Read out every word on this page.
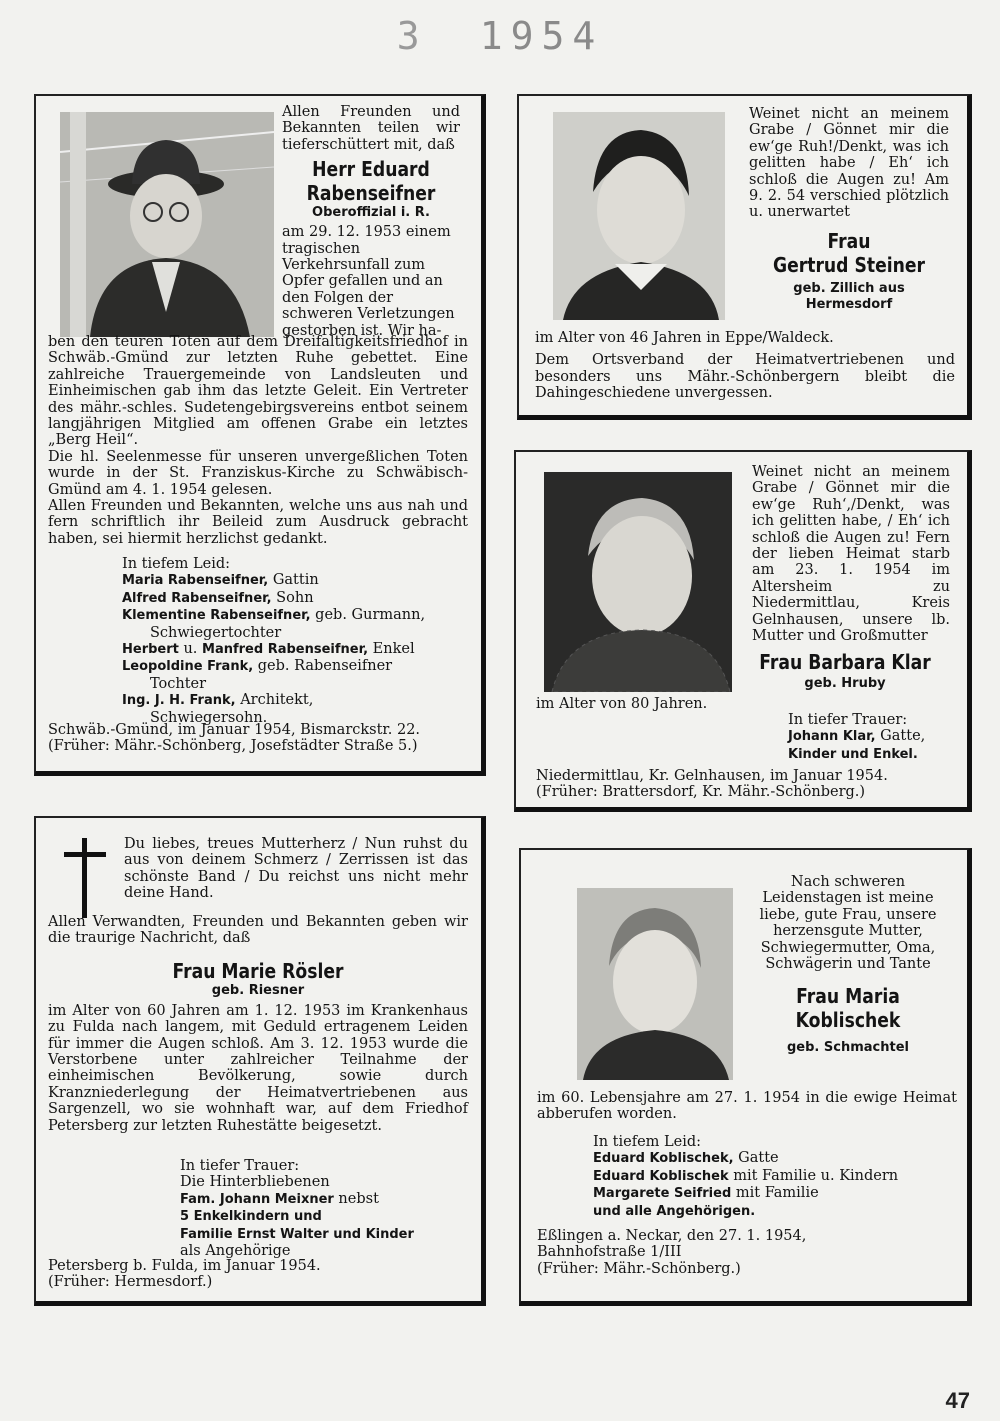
3 1954

Allen Freunden und Bekannten teilen wir tieferschüttert mit, daß

Herr Eduard

Rabenseifner

Oberoffizial i. R.

am 29. 12. 1953 einem tragischen Verkehrsunfall zum Opfer gefallen und an den Folgen der schweren Verletzungen gestorben ist. Wir ha-

ben den teuren Toten auf dem Dreifaltigkeitsfriedhof in Schwäb.-Gmünd zur letzten Ruhe gebettet. Eine zahlreiche Trauergemeinde von Landsleuten und Einheimischen gab ihm das letzte Geleit. Ein Vertreter des mähr.-schles. Sudetengebirgsvereins entbot seinem langjährigen Mitglied am offenen Grabe ein letztes „Berg Heil“.

Die hl. Seelenmesse für unseren unvergeßlichen Toten wurde in der St. Franziskus-Kirche zu Schwäbisch-Gmünd am 4. 1. 1954 gelesen.

Allen Freunden und Bekannten, welche uns aus nah und fern schriftlich ihr Beileid zum Ausdruck gebracht haben, sei hiermit herzlichst gedankt.

In tiefem Leid:

Maria Rabenseifner, Gattin

Alfred Rabenseifner, Sohn

Klementine Rabenseifner, geb. Gurmann,

Schwiegertochter

Herbert u. Manfred Rabenseifner, Enkel

Leopoldine Frank, geb. Rabenseifner

Tochter

Ing. J. H. Frank, Architekt,

Schwiegersohn.

Schwäb.-Gmünd, im Januar 1954, Bismarckstr. 22.

(Früher: Mähr.-Schönberg, Josefstädter Straße 5.)

Weinet nicht an meinem Grabe / Gönnet mir die ew‘ge Ruh!/Denkt, was ich gelitten habe / Eh‘ ich schloß die Augen zu! Am 9. 2. 54 verschied plötzlich u. unerwartet

Frau

Gertrud Steiner

geb. Zillich aus Hermesdorf

im Alter von 46 Jahren in Eppe/Waldeck.

Dem Ortsverband der Heimatvertriebenen und besonders uns Mähr.-Schönbergern bleibt die Dahingeschiedene unvergessen.

Weinet nicht an meinem Grabe / Gönnet mir die ew‘ge Ruh‘,/Denkt, was ich gelitten habe, / Eh‘ ich schloß die Augen zu! Fern der lieben Heimat starb am 23. 1. 1954 im Altersheim zu Niedermittlau, Kreis Gelnhausen, unsere lb. Mutter und Großmutter

Frau Barbara Klar

geb. Hruby

im Alter von 80 Jahren.

In tiefer Trauer:

Johann Klar, Gatte,

Kinder und Enkel.

Niedermittlau, Kr. Gelnhausen, im Januar 1954.

(Früher: Brattersdorf, Kr. Mähr.-Schönberg.)

Du liebes, treues Mutterherz / Nun ruhst du aus von deinem Schmerz / Zerrissen ist das schönste Band / Du reichst uns nicht mehr deine Hand.

Allen Verwandten, Freunden und Bekannten geben wir die traurige Nachricht, daß

Frau Marie Rösler

geb. Riesner

im Alter von 60 Jahren am 1. 12. 1953 im Krankenhaus zu Fulda nach langem, mit Geduld ertragenem Leiden für immer die Augen schloß. Am 3. 12. 1953 wurde die Verstorbene unter zahlreicher Teilnahme der einheimischen Bevölkerung, sowie durch Kranzniederlegung der Heimatvertriebenen aus Sargenzell, wo sie wohnhaft war, auf dem Friedhof Petersberg zur letzten Ruhestätte beigesetzt.

In tiefer Trauer:

Die Hinterbliebenen

Fam. Johann Meixner nebst

5 Enkelkindern und

Familie Ernst Walter und Kinder

als Angehörige

Petersberg b. Fulda, im Januar 1954.

(Früher: Hermesdorf.)

Nach schweren Leidenstagen ist meine liebe, gute Frau, unsere herzensgute Mutter, Schwiegermutter, Oma, Schwägerin und Tante

Frau Maria

Koblischek

geb. Schmachtel

im 60. Lebensjahre am 27. 1. 1954 in die ewige Heimat abberufen worden.

In tiefem Leid:

Eduard Koblischek, Gatte

Eduard Koblischek mit Familie u. Kindern

Margarete Seifried mit Familie

und alle Angehörigen.

Eßlingen a. Neckar, den 27. 1. 1954,

Bahnhofstraße 1/III

(Früher: Mähr.-Schönberg.)

47
